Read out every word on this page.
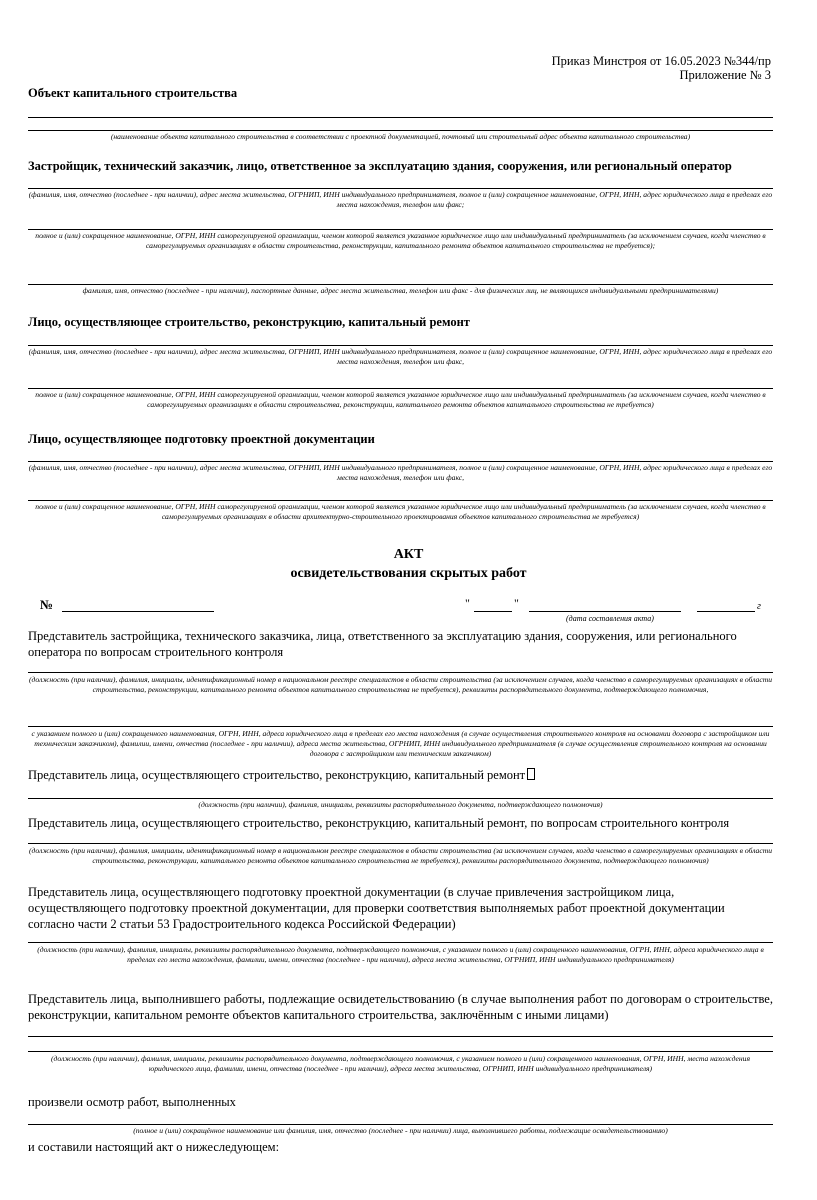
Приказ Минстроя от 16.05.2023 №344/пр
Приложение № 3
Объект капитального строительства
(наименование объекта капитального строительства в соответствии с проектной документацией, почтовый или строительный адрес объекта капитального строительства)
Застройщик, технический заказчик, лицо, ответственное за эксплуатацию здания, сооружения, или региональный оператор
(фамилия, имя, отчество (последнее - при наличии), адрес места жительства, ОГРНИП, ИНН индивидуального предпринимателя, полное и (или) сокращенное наименование, ОГРН, ИНН, адрес юридического лица в пределах его места нахождения, телефон или факс;
полное и (или) сокращенное наименование, ОГРН, ИНН саморегулируемой организации, членом которой является указанное юридическое лицо или индивидуальный предприниматель (за исключением случаев, когда членство в саморегулируемых организациях в области строительства, реконструкции, капитального ремонта объектов капитального строительства не требуется);
фамилия, имя, отчество (последнее - при наличии), паспортные данные, адрес места жительства, телефон или факс - для физических лиц, не являющихся индивидуальными предпринимателями)
Лицо, осуществляющее строительство, реконструкцию, капитальный ремонт
(фамилия, имя, отчество (последнее - при наличии), адрес места жительства, ОГРНИП, ИНН индивидуального предпринимателя, полное и (или) сокращенное наименование, ОГРН, ИНН, адрес юридического лица в пределах его места нахождения, телефон или факс,
полное и (или) сокращенное наименование, ОГРН, ИНН саморегулируемой организации, членом которой является указанное юридическое лицо или индивидуальный предприниматель (за исключением случаев, когда членство в саморегулируемых организациях в области строительства, реконструкции, капитального ремонта объектов капитального строительства не требуется)
Лицо, осуществляющее подготовку проектной документации
(фамилия, имя, отчество (последнее - при наличии), адрес места жительства, ОГРНИП, ИНН индивидуального предпринимателя, полное и (или) сокращенное наименование, ОГРН, ИНН, адрес юридического лица в пределах его места нахождения, телефон или факс,
полное и (или) сокращенное наименование, ОГРН, ИНН саморегулируемой организации, членом которой является указанное юридическое лицо или индивидуальный предприниматель (за исключением случаев, когда членство в саморегулируемых организациях в области архитектурно-строительного проектирования объектов капитального строительства не требуется)
АКТ
освидетельствования скрытых работ
№	"	"	г
(дата составления акта)
Представитель застройщика, технического заказчика, лица, ответственного за эксплуатацию здания, сооружения, или регионального оператора по вопросам строительного контроля
(должность (при наличии), фамилия, инициалы, идентификационный номер в национальном реестре специалистов в области строительства (за исключением случаев, когда членство в саморегулируемых организациях в области строительства, реконструкции, капитального ремонта объектов капитального строительства не требуется), реквизиты распорядительного документа, подтверждающего полномочия,
с указанием полного и (или) сокращенного наименования, ОГРН, ИНН, адреса юридического лица в пределах его места нахождения (в случае осуществления строительного контроля на основании договора с застройщиком или техническим заказчиком), фамилии, имени, отчества (последнее - при наличии), адреса места жительства, ОГРНИП, ИНН индивидуального предпринимателя (в случае осуществления строительного контроля на основании договора с застройщиком или техническим заказчиком)
Представитель лица, осуществляющего строительство, реконструкцию, капитальный ремонт
(должность (при наличии), фамилия, инициалы, реквизиты распорядительного документа, подтверждающего полномочия)
Представитель лица, осуществляющего строительство, реконструкцию, капитальный ремонт, по вопросам строительного контроля
(должность (при наличии), фамилия, инициалы, идентификационный номер в национальном реестре специалистов в области строительства (за исключением случаев, когда членство в саморегулируемых организациях в области строительства, реконструкции, капитального ремонта объектов капитального строительства не требуется), реквизиты распорядительного документа, подтверждающего полномочия)
Представитель лица, осуществляющего подготовку проектной документации (в случае привлечения застройщиком лица, осуществляющего подготовку проектной документации, для проверки соответствия выполняемых работ проектной документации согласно части 2 статьи 53 Градостроительного кодекса Российской Федерации)
(должность (при наличии), фамилия, инициалы, реквизиты распорядительного документа, подтверждающего полномочия, с указанием полного и (или) сокращенного наименования, ОГРН, ИНН, адреса юридического лица в пределах его места нахождения, фамилии, имени, отчества (последнее - при наличии), адреса места жительства, ОГРНИП, ИНН индивидуального предпринимателя)
Представитель лица, выполнившего работы, подлежащие освидетельствованию (в случае выполнения работ по договорам о строительстве, реконструкции, капитальном ремонте объектов капитального строительства, заключённым с иными лицами)
(должность (при наличии), фамилия, инициалы, реквизиты распорядительного документа, подтверждающего полномочия, с указанием полного и (или) сокращенного наименования, ОГРН, ИНН, места нахождения юридического лица, фамилии, имени, отчества (последнее - при наличии), адреса места жительства, ОГРНИП, ИНН индивидуального предпринимателя)
произвели осмотр работ, выполненных
(полное и (или) сокращённое наименование или фамилия, имя, отчество (последнее - при наличии) лица, выполнившего работы, подлежащие освидетельствованию)
и составили настоящий акт о нижеследующем:
